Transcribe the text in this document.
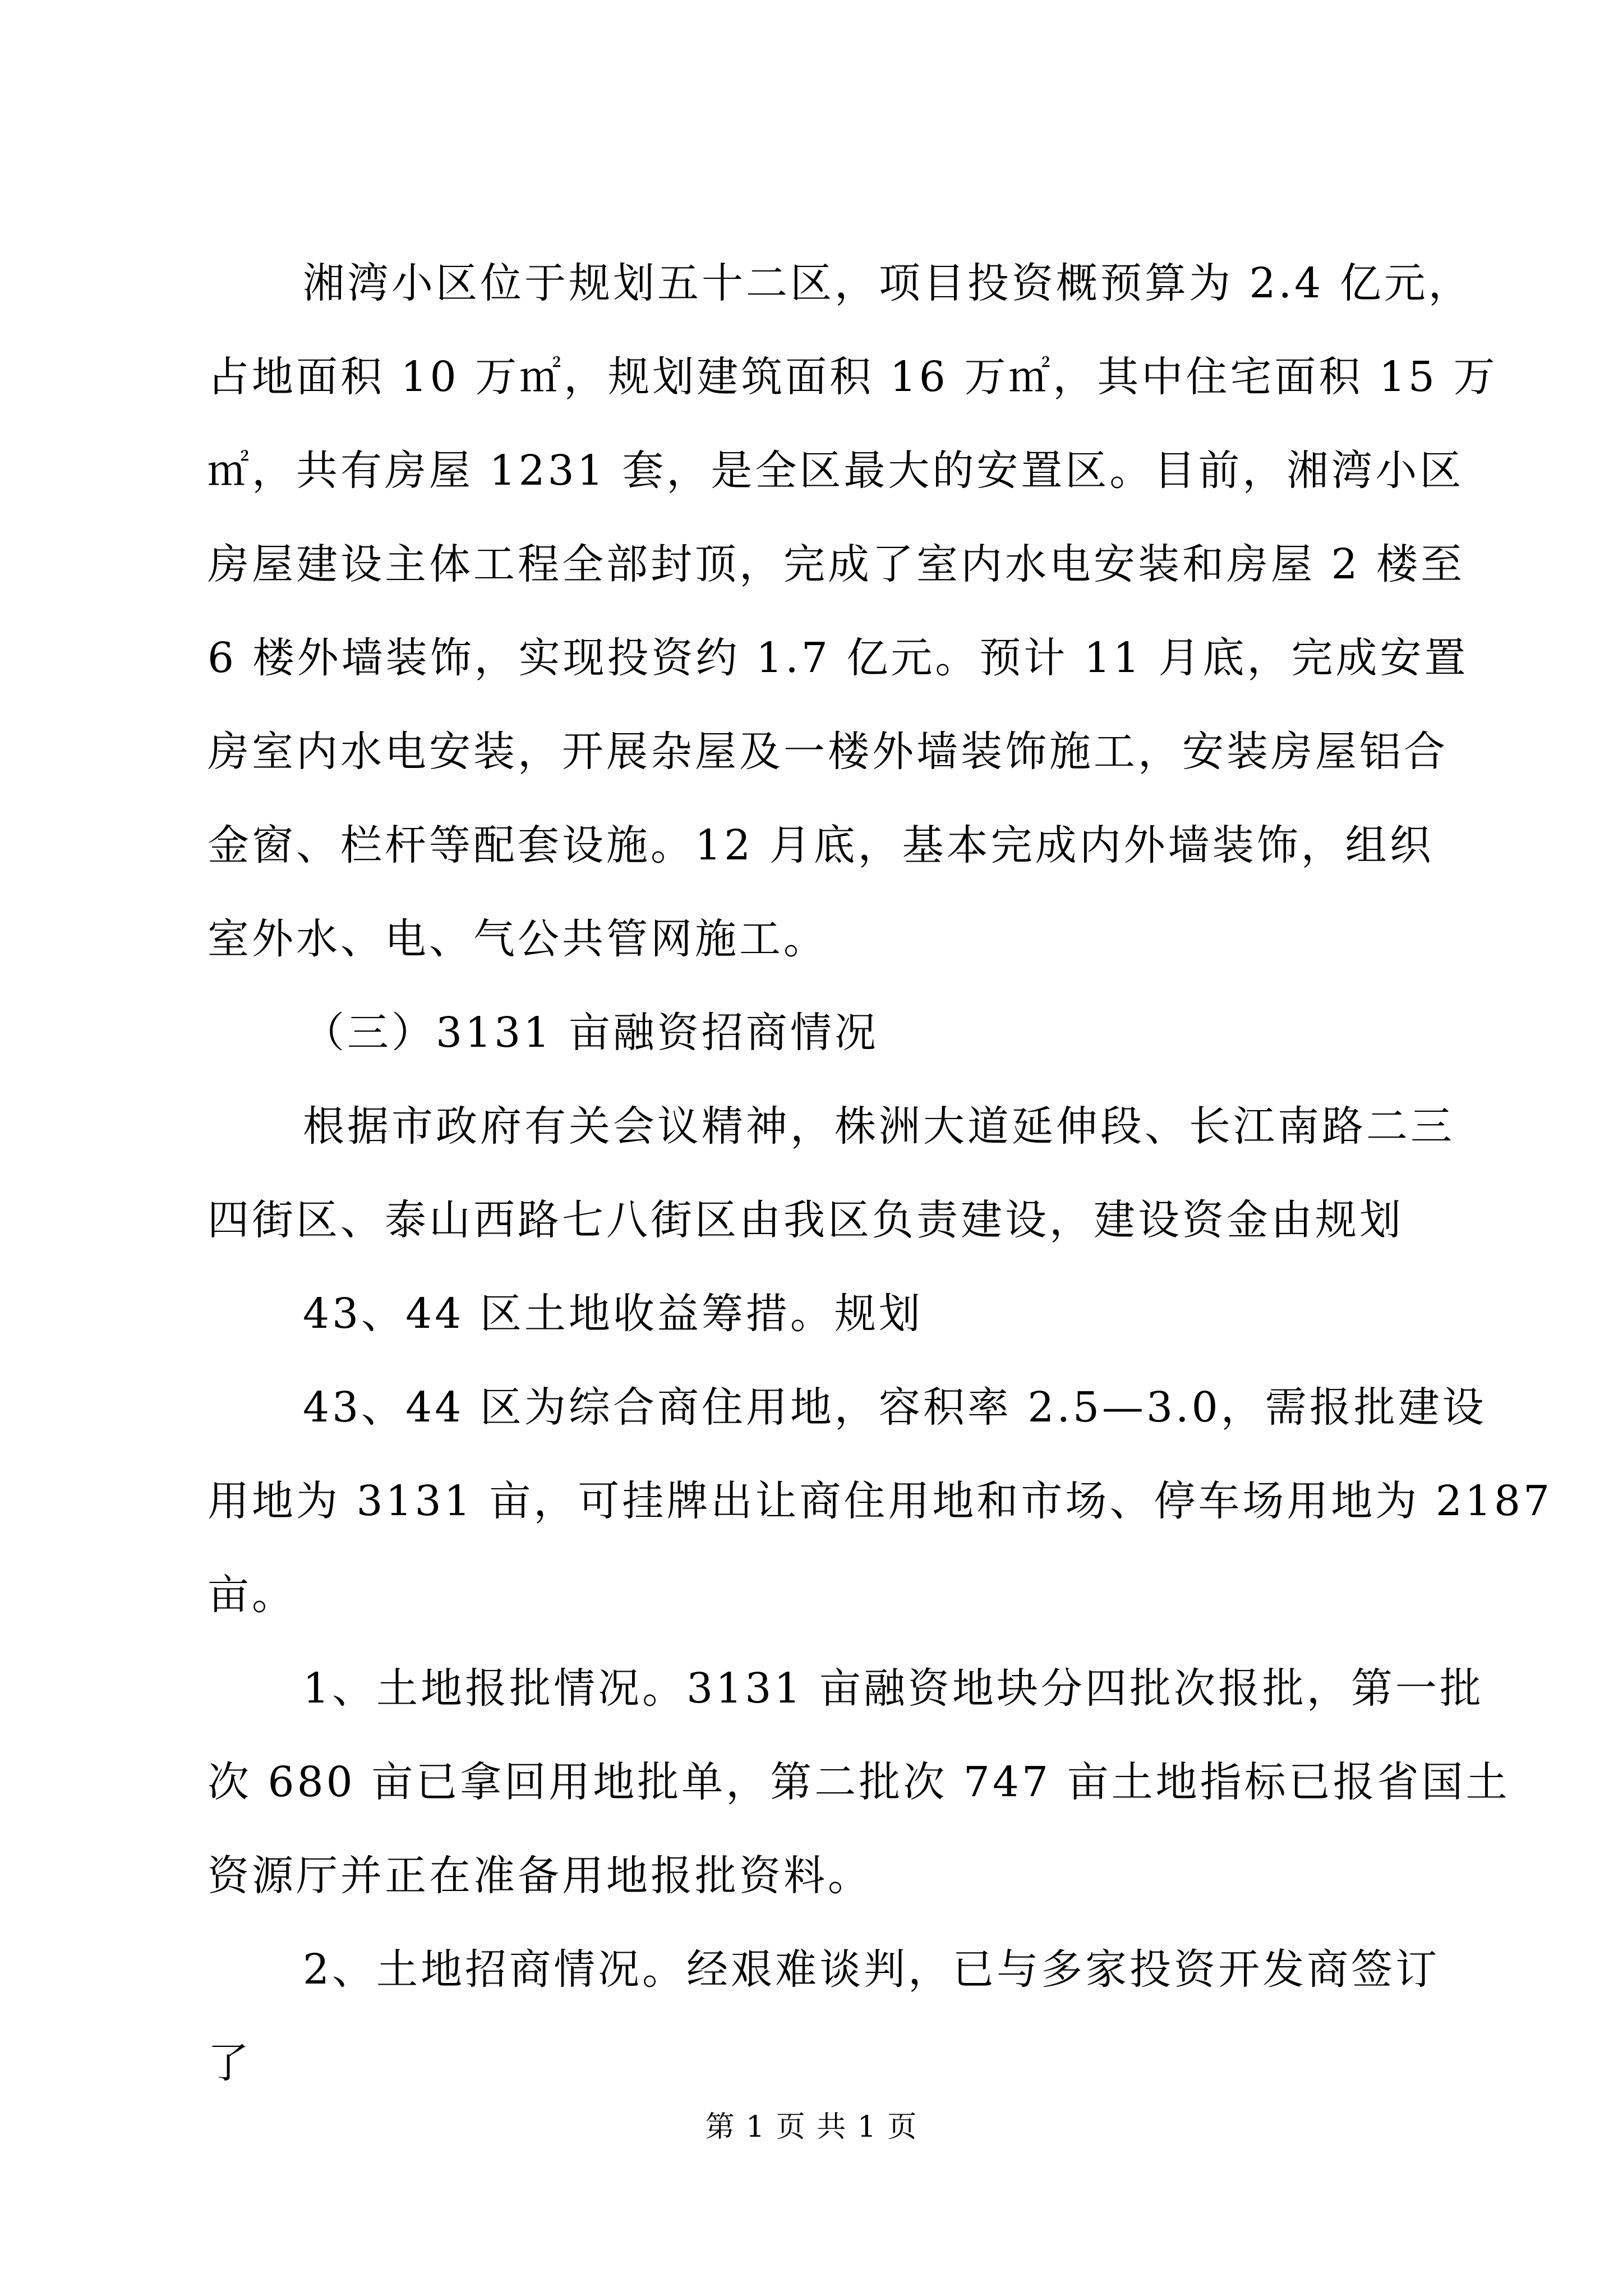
湘湾小区位于规划五十二区，项目投资概预算为 2.4 亿元，
占地面积 10 万㎡，规划建筑面积 16 万㎡，其中住宅面积 15 万
㎡，共有房屋 1231 套，是全区最大的安置区。目前，湘湾小区
房屋建设主体工程全部封顶，完成了室内水电安装和房屋 2 楼至
6 楼外墙装饰，实现投资约 1.7 亿元。预计 11 月底，完成安置
房室内水电安装，开展杂屋及一楼外墙装饰施工，安装房屋铝合
金窗、栏杆等配套设施。12 月底，基本完成内外墙装饰，组织
室外水、电、气公共管网施工。
（三）3131 亩融资招商情况
根据市政府有关会议精神，株洲大道延伸段、长江南路二三
四街区、泰山西路七八街区由我区负责建设，建设资金由规划
43、44 区土地收益筹措。规划
43、44 区为综合商住用地，容积率 2.5—3.0，需报批建设
用地为 3131 亩，可挂牌出让商住用地和市场、停车场用地为 2187
亩。
1、土地报批情况。3131 亩融资地块分四批次报批，第一批
次 680 亩已拿回用地批单，第二批次 747 亩土地指标已报省国土
资源厅并正在准备用地报批资料。
第 1 页 共 1 页
2、土地招商情况。经艰难谈判，已与多家投资开发商签订
了
